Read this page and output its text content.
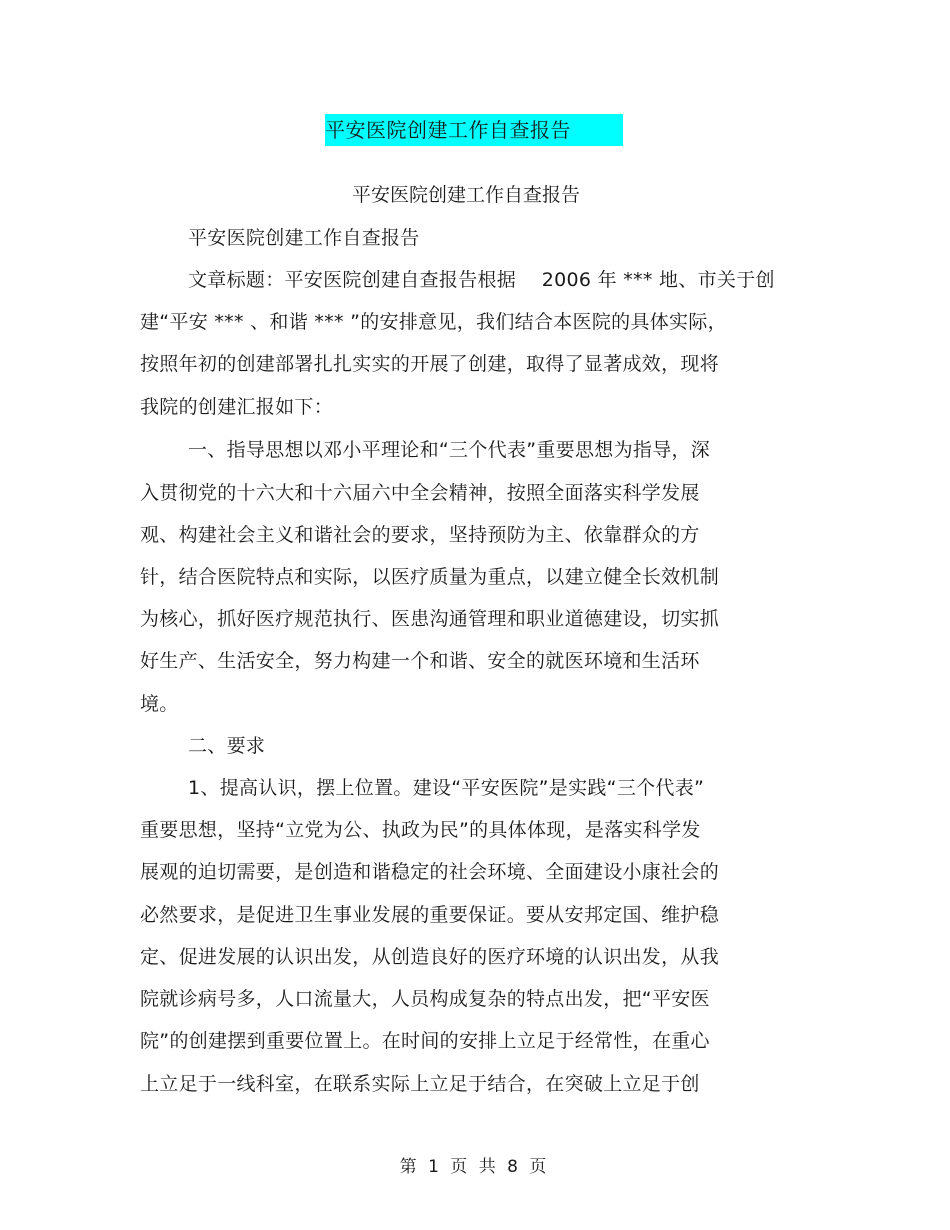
平安医院创建工作自查报告
平安医院创建工作自查报告
平安医院创建工作自查报告
文章标题：平安医院创建自查报告根据　 2006 年 *** 地、市关于创
建“平安 *** 、和谐 *** ”的安排意见，我们结合本医院的具体实际，
按照年初的创建部署扎扎实实的开展了创建，取得了显著成效，现将
我院的创建汇报如下：
一、指导思想以邓小平理论和“三个代表”重要思想为指导，深
入贯彻党的十六大和十六届六中全会精神，按照全面落实科学发展
观、构建社会主义和谐社会的要求，坚持预防为主、依靠群众的方
针，结合医院特点和实际，以医疗质量为重点，以建立健全长效机制
为核心，抓好医疗规范执行、医患沟通管理和职业道德建设，切实抓
好生产、生活安全，努力构建一个和谐、安全的就医环境和生活环
境。
二、要求
1、提高认识，摆上位置。建设“平安医院”是实践“三个代表”
重要思想，坚持“立党为公、执政为民”的具体体现，是落实科学发
展观的迫切需要，是创造和谐稳定的社会环境、全面建设小康社会的
必然要求，是促进卫生事业发展的重要保证。要从安邦定国、维护稳
定、促进发展的认识出发，从创造良好的医疗环境的认识出发，从我
院就诊病号多，人口流量大，人员构成复杂的特点出发，把“平安医
院”的创建摆到重要位置上。在时间的安排上立足于经常性，在重心
上立足于一线科室，在联系实际上立足于结合，在突破上立足于创
第 1 页 共 8 页
